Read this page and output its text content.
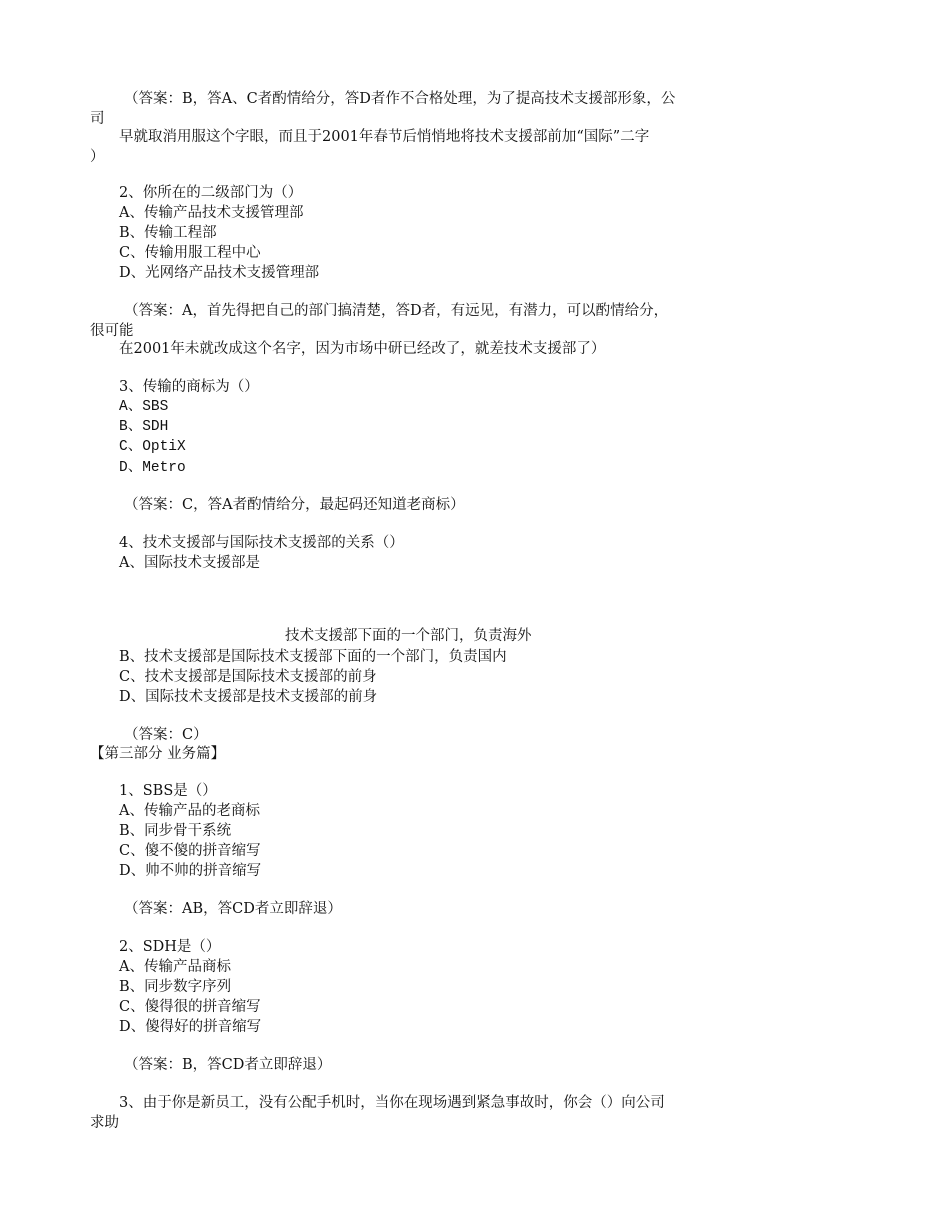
（答案：B，答A、C者酌情给分，答D者作不合格处理，为了提高技术支援部形象，公
司
早就取消用服这个字眼，而且于2001年春节后悄悄地将技术支援部前加“国际”二字
）
2、你所在的二级部门为（）
A、传输产品技术支援管理部
B、传输工程部
C、传输用服工程中心
D、光网络产品技术支援管理部
（答案：A，首先得把自己的部门搞清楚，答D者，有远见，有潜力，可以酌情给分，
很可能
在2001年未就改成这个名字，因为市场中研已经改了，就差技术支援部了）
3、传输的商标为（）
A、SBS
B、SDH
C、OptiX
D、Metro
（答案：C，答A者酌情给分，最起码还知道老商标）
4、技术支援部与国际技术支援部的关系（）
A、国际技术支援部是
技术支援部下面的一个部门，负责海外
B、技术支援部是国际技术支援部下面的一个部门，负责国内
C、技术支援部是国际技术支援部的前身
D、国际技术支援部是技术支援部的前身
（答案：C）
【第三部分 业务篇】
1、SBS是（）
A、传输产品的老商标
B、同步骨干系统
C、傻不傻的拼音缩写
D、帅不帅的拼音缩写
（答案：AB，答CD者立即辞退）
2、SDH是（）
A、传输产品商标
B、同步数字序列
C、傻得很的拼音缩写
D、傻得好的拼音缩写
（答案：B，答CD者立即辞退）
3、由于你是新员工，没有公配手机时，当你在现场遇到紧急事故时，你会（）向公司
求助
